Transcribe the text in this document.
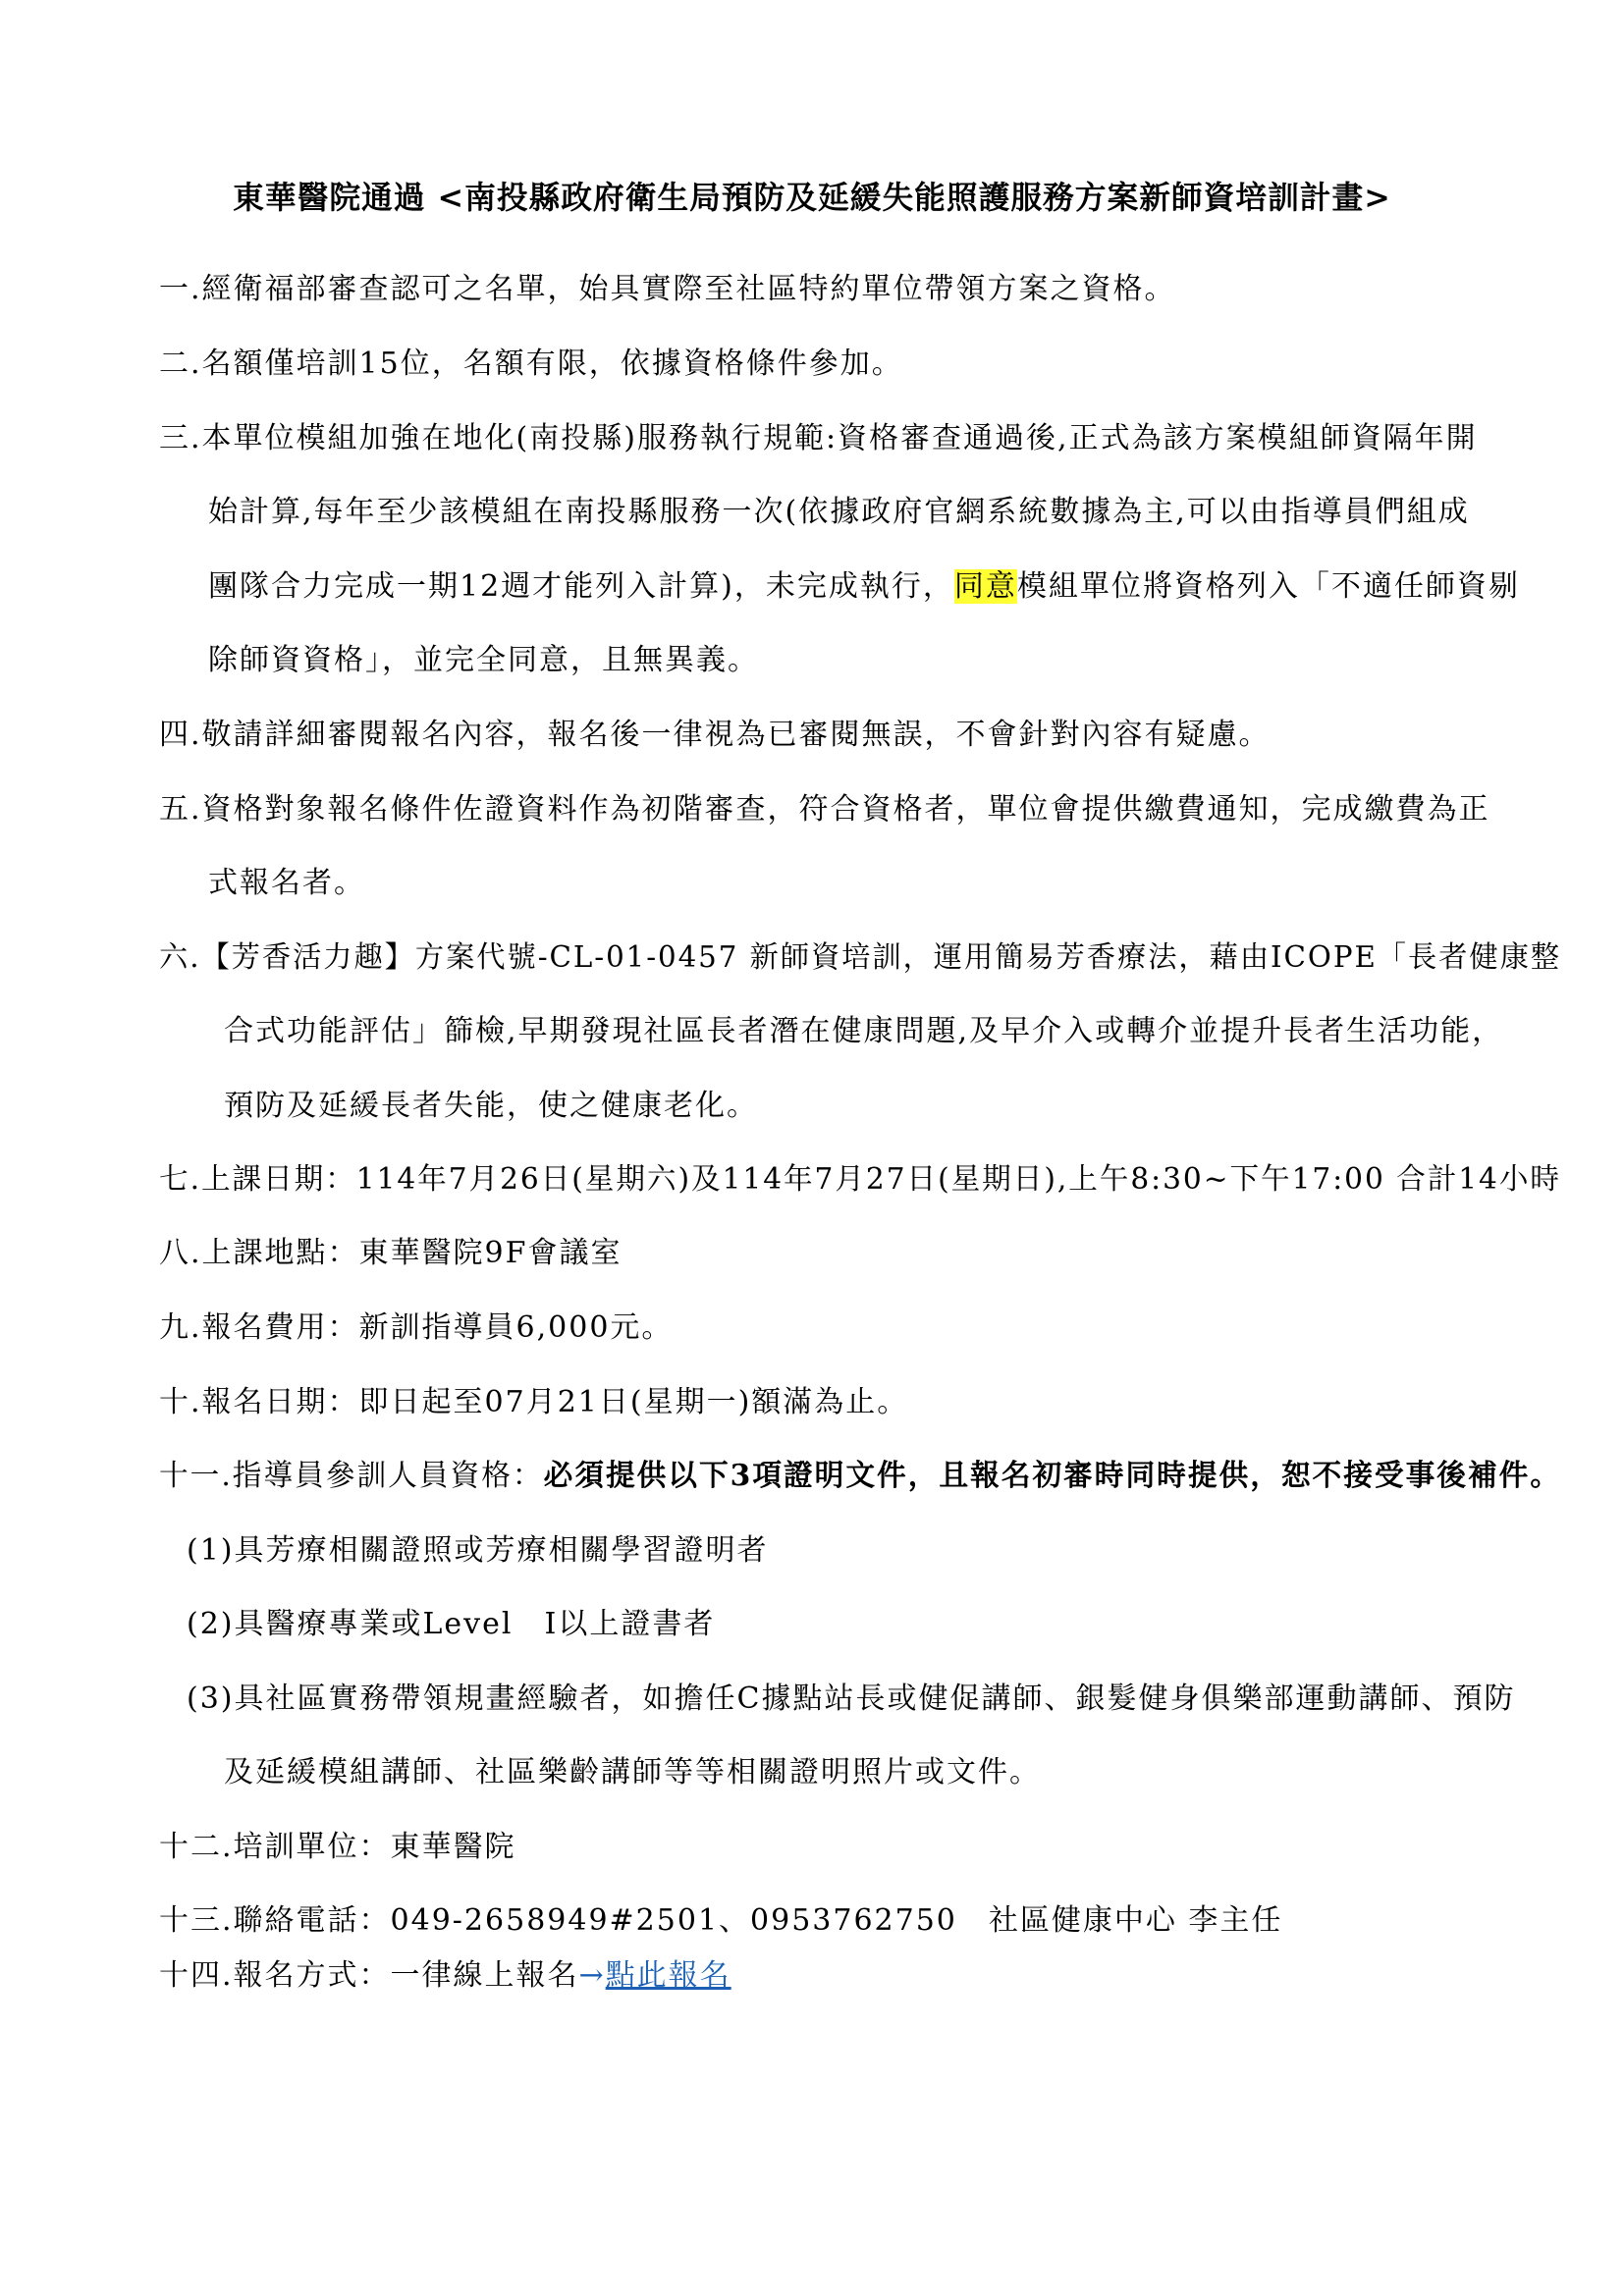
東華醫院通過 <南投縣政府衛生局預防及延緩失能照護服務方案新師資培訓計畫>
一.經衛福部審查認可之名單，始具實際至社區特約單位帶領方案之資格。
二.名額僅培訓15位，名額有限，依據資格條件參加。
三.本單位模組加強在地化(南投縣)服務執行規範:資格審查通過後,正式為該方案模組師資隔年開
始計算,每年至少該模組在南投縣服務一次(依據政府官網系統數據為主,可以由指導員們組成
團隊合力完成一期12週才能列入計算)，未完成執行，同意模組單位將資格列入「不適任師資剔
除師資資格」，並完全同意，且無異義。
四.敬請詳細審閱報名內容，報名後一律視為已審閱無誤，不會針對內容有疑慮。
五.資格對象報名條件佐證資料作為初階審查，符合資格者，單位會提供繳費通知，完成繳費為正
式報名者。
六.【芳香活力趣】方案代號-CL-01-0457 新師資培訓，運用簡易芳香療法，藉由ICOPE「長者健康整
合式功能評估」篩檢,早期發現社區長者潛在健康問題,及早介入或轉介並提升長者生活功能，
預防及延緩長者失能，使之健康老化。
七.上課日期：114年7月26日(星期六)及114年7月27日(星期日),上午8:30~下午17:00 合計14小時
八.上課地點：東華醫院9F會議室
九.報名費用：新訓指導員6,000元。
十.報名日期：即日起至07月21日(星期一)額滿為止。
十一.指導員參訓人員資格：必須提供以下3項證明文件，且報名初審時同時提供，恕不接受事後補件。
(1)具芳療相關證照或芳療相關學習證明者
(2)具醫療專業或Level　I以上證書者
(3)具社區實務帶領規畫經驗者，如擔任C據點站長或健促講師、銀髮健身俱樂部運動講師、預防
及延緩模組講師、社區樂齡講師等等相關證明照片或文件。
十二.培訓單位：東華醫院
十三.聯絡電話：049-2658949#2501、0953762750　社區健康中心 李主任
十四.報名方式：一律線上報名→點此報名
